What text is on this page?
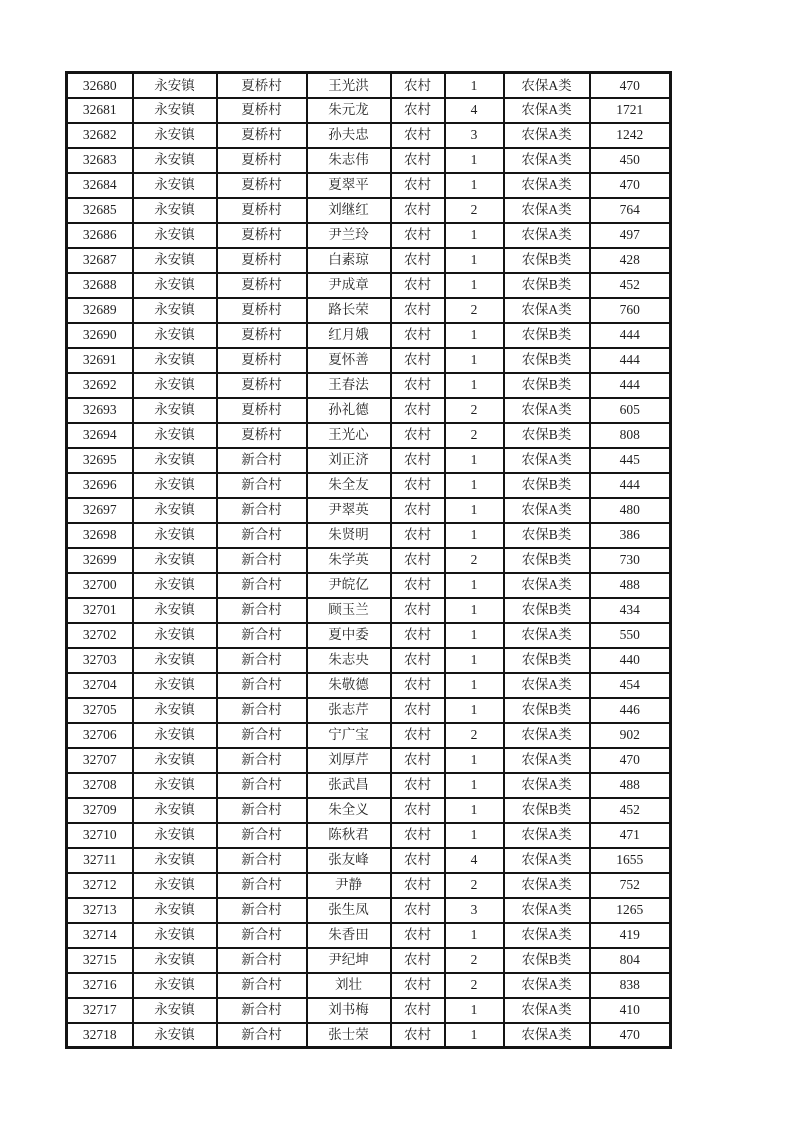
32680	永安镇	夏桥村	王光洪	农村	1	农保A类	470
32681	永安镇	夏桥村	朱元龙	农村	4	农保A类	1721
32682	永安镇	夏桥村	孙夫忠	农村	3	农保A类	1242
32683	永安镇	夏桥村	朱志伟	农村	1	农保A类	450
32684	永安镇	夏桥村	夏翠平	农村	1	农保A类	470
32685	永安镇	夏桥村	刘继红	农村	2	农保A类	764
32686	永安镇	夏桥村	尹兰玲	农村	1	农保A类	497
32687	永安镇	夏桥村	白素琼	农村	1	农保B类	428
32688	永安镇	夏桥村	尹成章	农村	1	农保B类	452
32689	永安镇	夏桥村	路长荣	农村	2	农保A类	760
32690	永安镇	夏桥村	红月娥	农村	1	农保B类	444
32691	永安镇	夏桥村	夏怀善	农村	1	农保B类	444
32692	永安镇	夏桥村	王春法	农村	1	农保B类	444
32693	永安镇	夏桥村	孙礼德	农村	2	农保A类	605
32694	永安镇	夏桥村	王光心	农村	2	农保B类	808
32695	永安镇	新合村	刘正济	农村	1	农保A类	445
32696	永安镇	新合村	朱全友	农村	1	农保B类	444
32697	永安镇	新合村	尹翠英	农村	1	农保A类	480
32698	永安镇	新合村	朱贤明	农村	1	农保B类	386
32699	永安镇	新合村	朱学英	农村	2	农保B类	730
32700	永安镇	新合村	尹皖亿	农村	1	农保A类	488
32701	永安镇	新合村	顾玉兰	农村	1	农保B类	434
32702	永安镇	新合村	夏中委	农村	1	农保A类	550
32703	永安镇	新合村	朱志央	农村	1	农保B类	440
32704	永安镇	新合村	朱敬德	农村	1	农保A类	454
32705	永安镇	新合村	张志芹	农村	1	农保B类	446
32706	永安镇	新合村	宁广宝	农村	2	农保A类	902
32707	永安镇	新合村	刘厚芹	农村	1	农保A类	470
32708	永安镇	新合村	张武昌	农村	1	农保A类	488
32709	永安镇	新合村	朱全义	农村	1	农保B类	452
32710	永安镇	新合村	陈秋君	农村	1	农保A类	471
32711	永安镇	新合村	张友峰	农村	4	农保A类	1655
32712	永安镇	新合村	尹静	农村	2	农保A类	752
32713	永安镇	新合村	张生凤	农村	3	农保A类	1265
32714	永安镇	新合村	朱香田	农村	1	农保A类	419
32715	永安镇	新合村	尹纪坤	农村	2	农保B类	804
32716	永安镇	新合村	刘壮	农村	2	农保A类	838
32717	永安镇	新合村	刘书梅	农村	1	农保A类	410
32718	永安镇	新合村	张士荣	农村	1	农保A类	470
